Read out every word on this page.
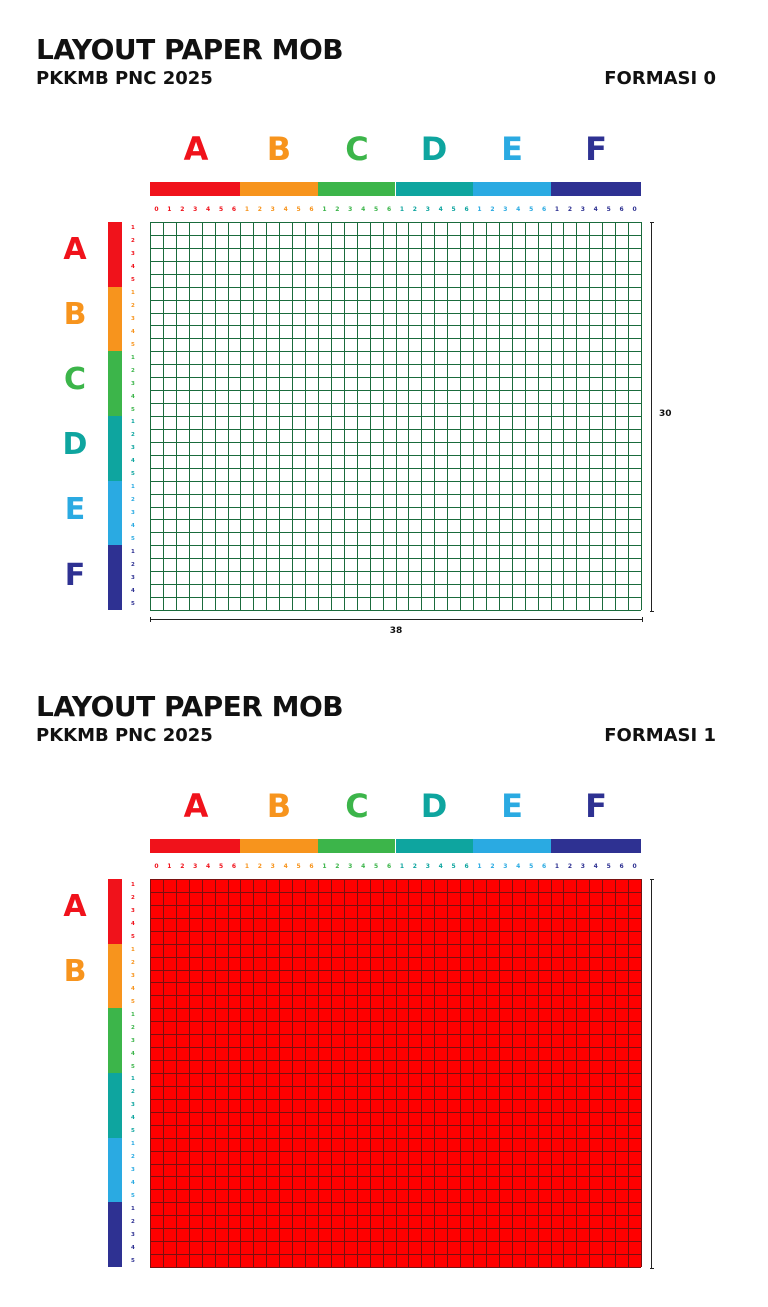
LAYOUT PAPER MOB
PKKMB PNC 2025	FORMASI 0
A	B	C	D	E	F
A
B
C
D
E
F
0	1	2	3	4	5	6	1	2	3	4	5	6	1	2	3	4	5	6	1	2	3	4	5	6	1	2	3	4	5	6	1	2	3	4	5	6	0
1
2
3
4
5
1
2
3
4
5
1
2
3
4
5
1
2
3
4
5
1
2
3
4
5
1
2
3
4
5
30
38
LAYOUT PAPER MOB
PKKMB PNC 2025	FORMASI 1
A	B	C	D	E	F
A
B
0	1	2	3	4	5	6	1	2	3	4	5	6	1	2	3	4	5	6	1	2	3	4	5	6	1	2	3	4	5	6	1	2	3	4	5	6	0
1
2
3
4
5
1
2
3
4
5
1
2
3
4
5
1
2
3
4
5
1
2
3
4
5
1
2
3
4
5
